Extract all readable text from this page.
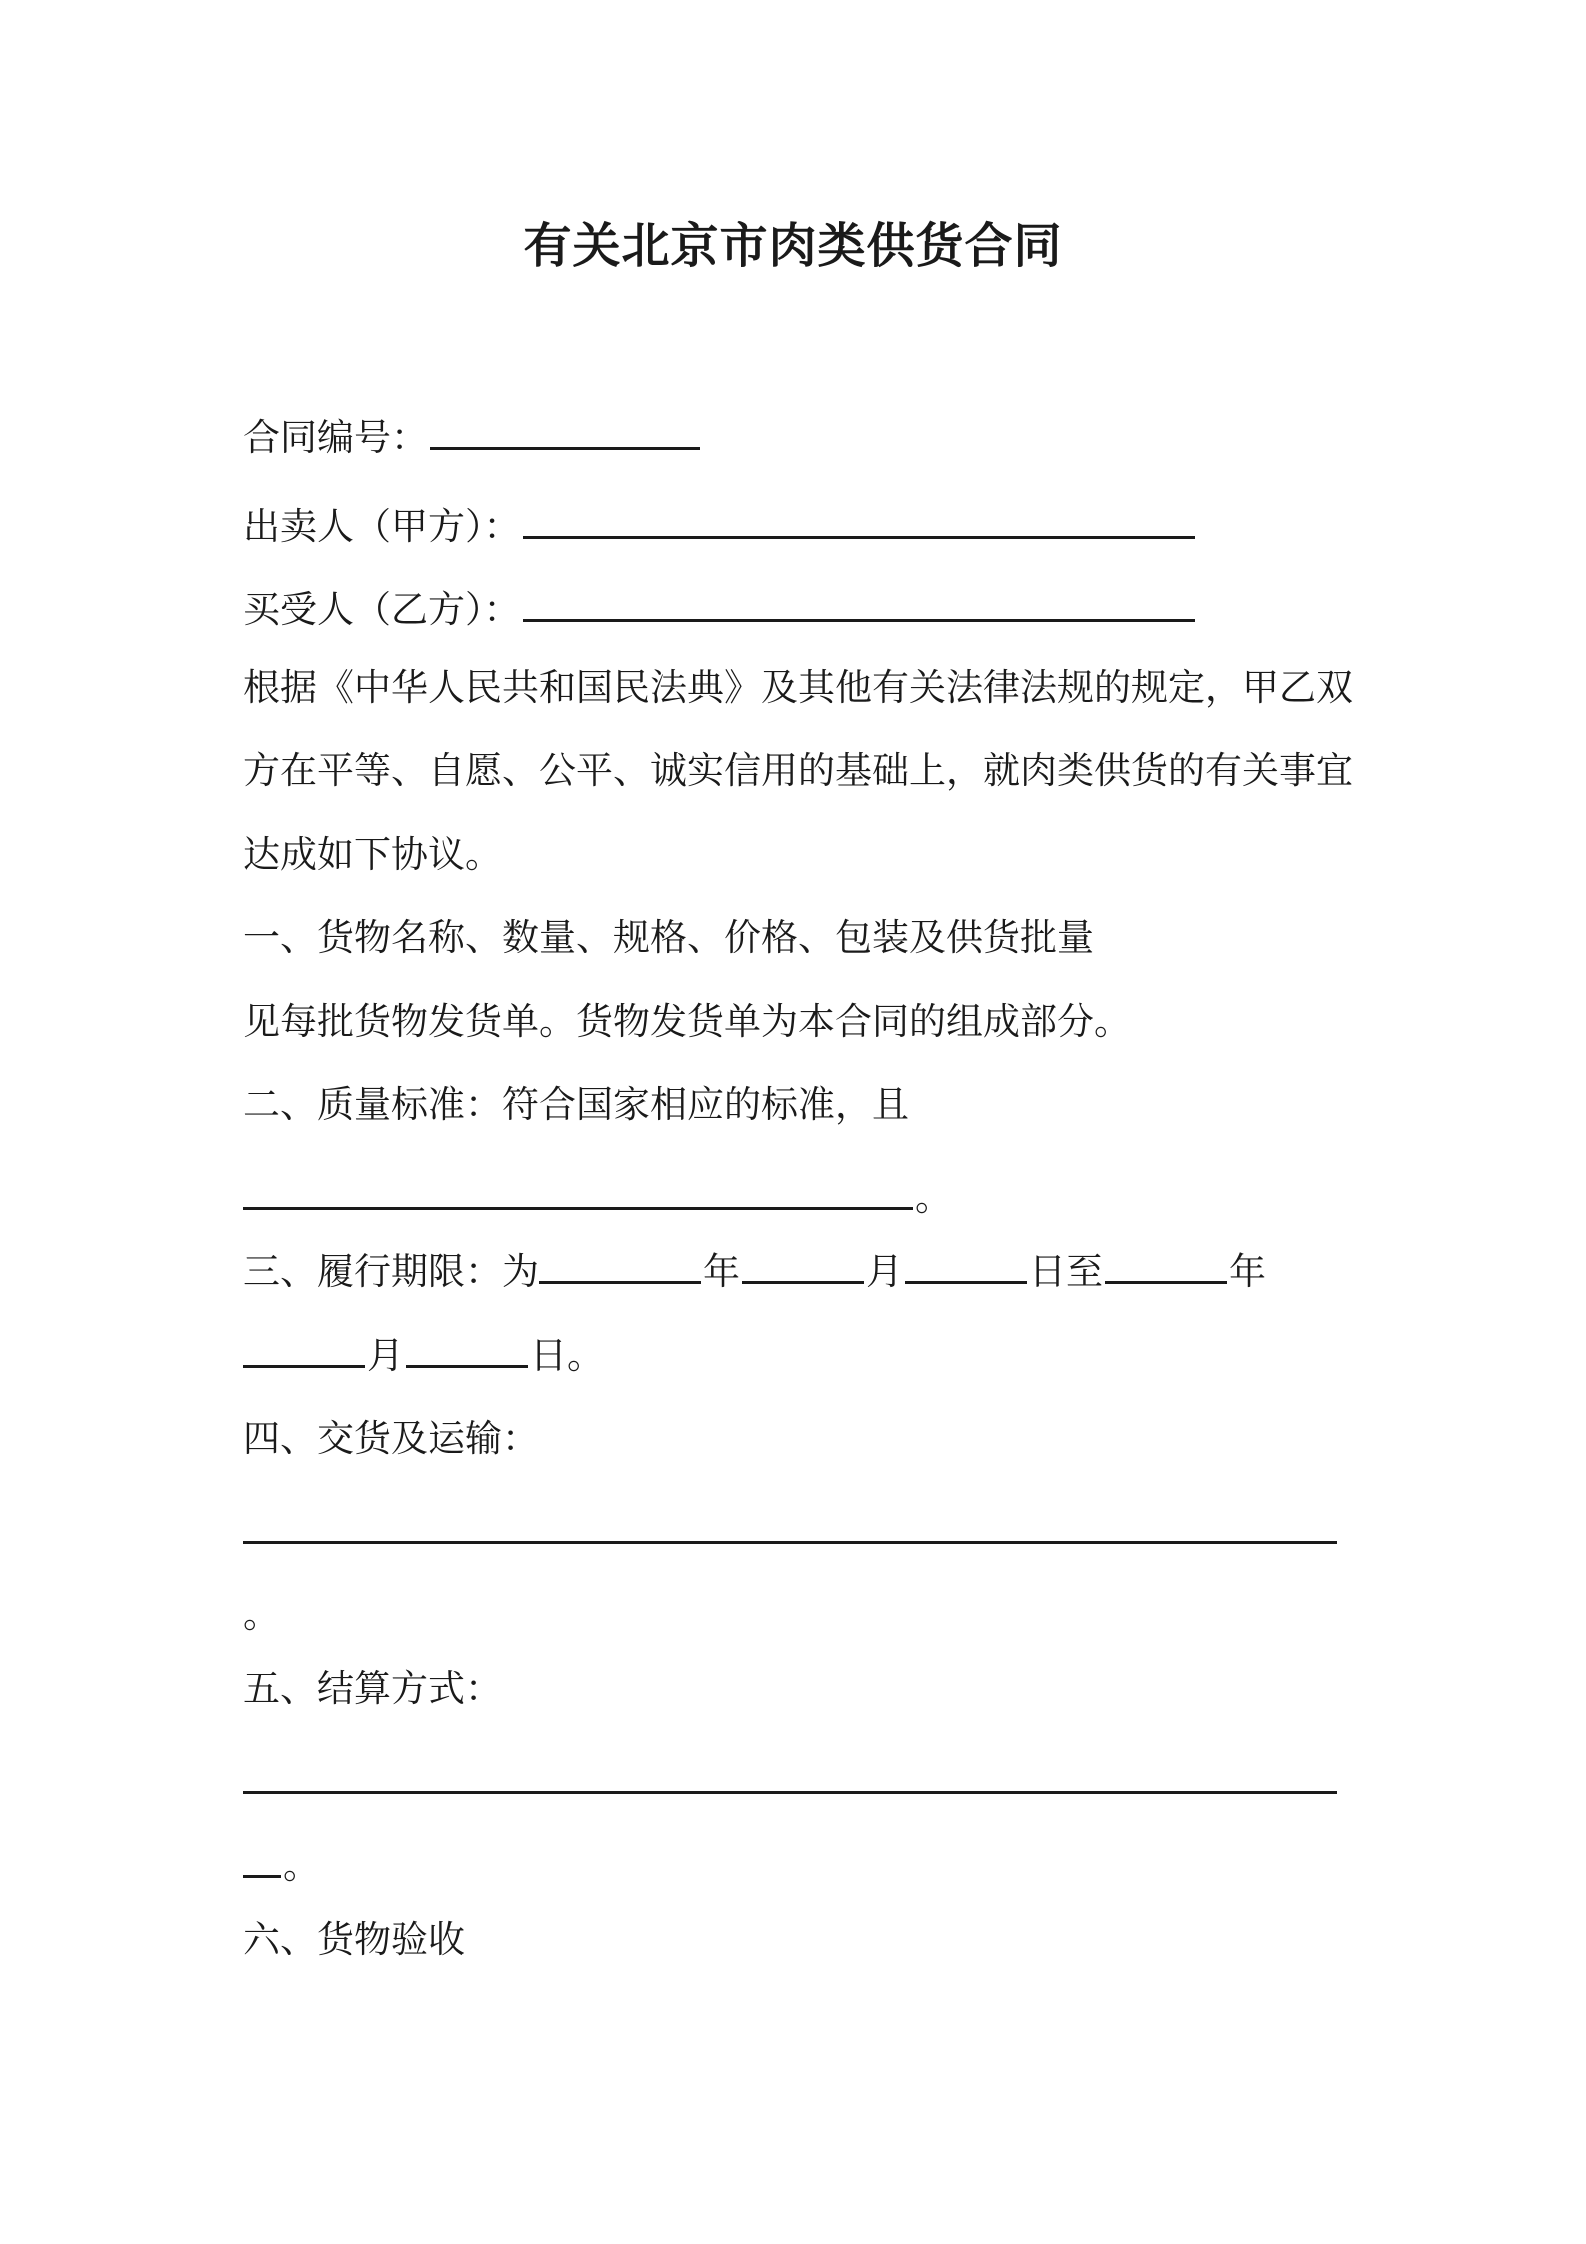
有关北京市肉类供货合同
合同编号：
出卖人（甲方）：
买受人（乙方）：
根据《中华人民共和国民法典》及其他有关法律法规的规定，甲乙双
方在平等、自愿、公平、诚实信用的基础上，就肉类供货的有关事宜
达成如下协议。
一、货物名称、数量、规格、价格、包装及供货批量
见每批货物发货单。货物发货单为本合同的组成部分。
二、质量标准：符合国家相应的标准，且
。
三、履行期限：为	年	月	日至	年
月	日。
四、交货及运输：
。
五、结算方式：
。
六、货物验收
